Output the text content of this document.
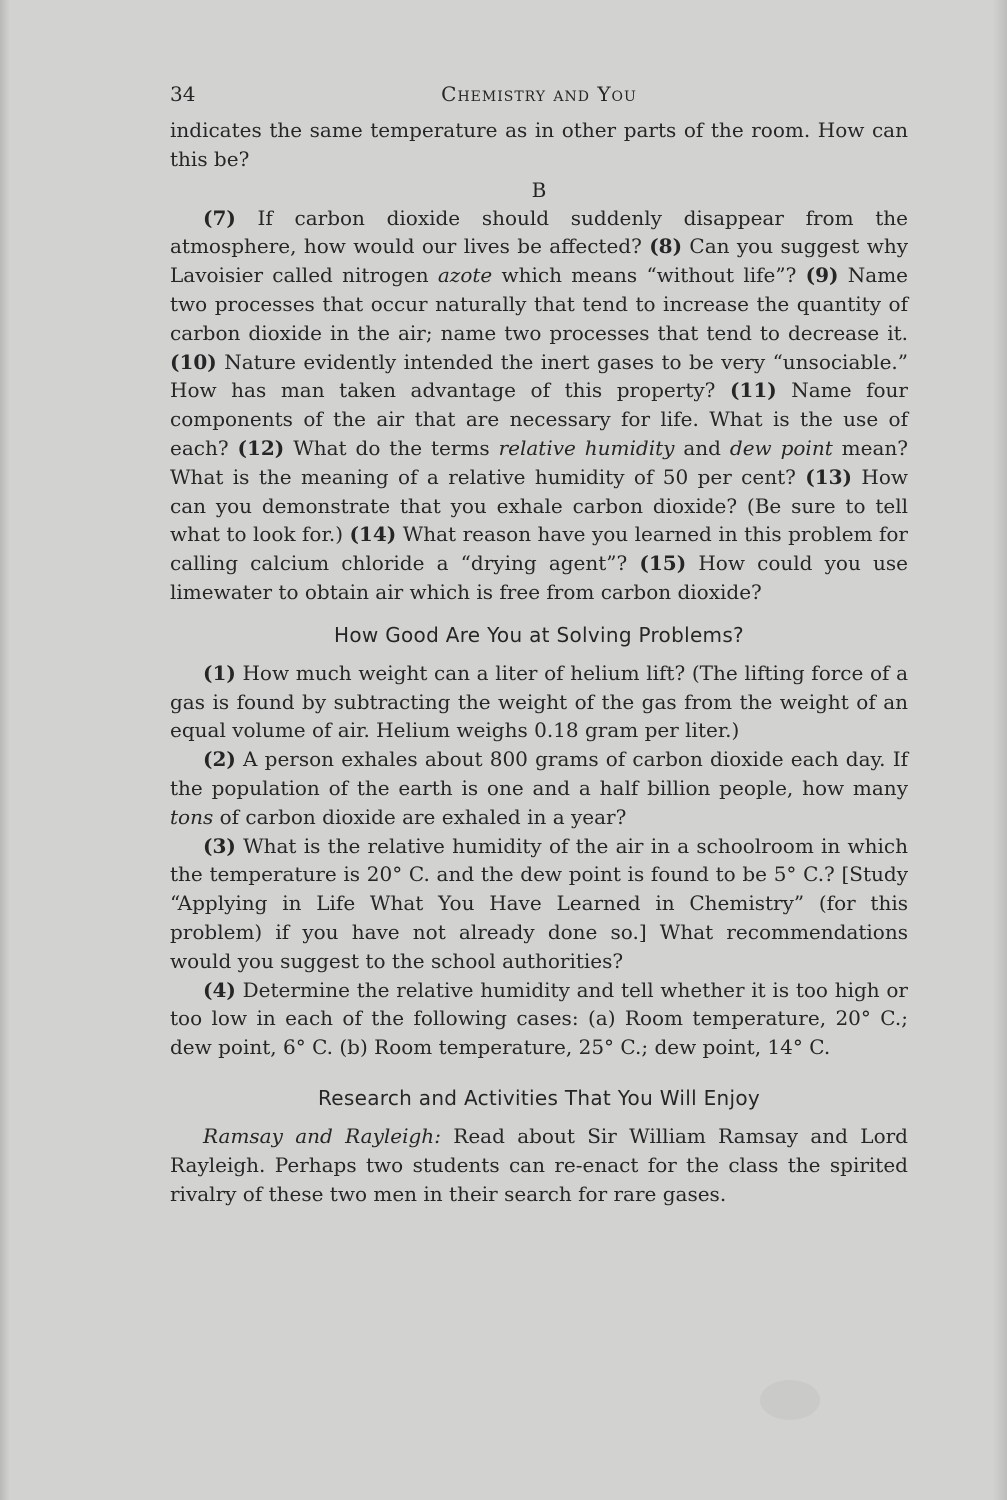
34	Chemistry and You

indicates the same temperature as in other parts of the room. How can this be?

B

(7) If carbon dioxide should suddenly disappear from the atmosphere, how would our lives be affected? (8) Can you suggest why Lavoisier called nitrogen azote which means “without life”? (9) Name two processes that occur naturally that tend to increase the quantity of carbon dioxide in the air; name two processes that tend to decrease it. (10) Nature evidently intended the inert gases to be very “unsociable.” How has man taken advantage of this property? (11) Name four components of the air that are necessary for life. What is the use of each? (12) What do the terms relative humidity and dew point mean? What is the meaning of a relative humidity of 50 per cent? (13) How can you demonstrate that you exhale carbon dioxide? (Be sure to tell what to look for.) (14) What reason have you learned in this problem for calling calcium chloride a “drying agent”? (15) How could you use limewater to obtain air which is free from carbon dioxide?

How Good Are You at Solving Problems?

(1) How much weight can a liter of helium lift? (The lifting force of a gas is found by subtracting the weight of the gas from the weight of an equal volume of air. Helium weighs 0.18 gram per liter.)

(2) A person exhales about 800 grams of carbon dioxide each day. If the population of the earth is one and a half billion people, how many tons of carbon dioxide are exhaled in a year?

(3) What is the relative humidity of the air in a schoolroom in which the temperature is 20° C. and the dew point is found to be 5° C.? [Study “Applying in Life What You Have Learned in Chemistry” (for this problem) if you have not already done so.] What recommendations would you suggest to the school authorities?

(4) Determine the relative humidity and tell whether it is too high or too low in each of the following cases: (a) Room temperature, 20° C.; dew point, 6° C. (b) Room temperature, 25° C.; dew point, 14° C.

Research and Activities That You Will Enjoy

Ramsay and Rayleigh: Read about Sir William Ramsay and Lord Rayleigh. Perhaps two students can re-enact for the class the spirited rivalry of these two men in their search for rare gases.
